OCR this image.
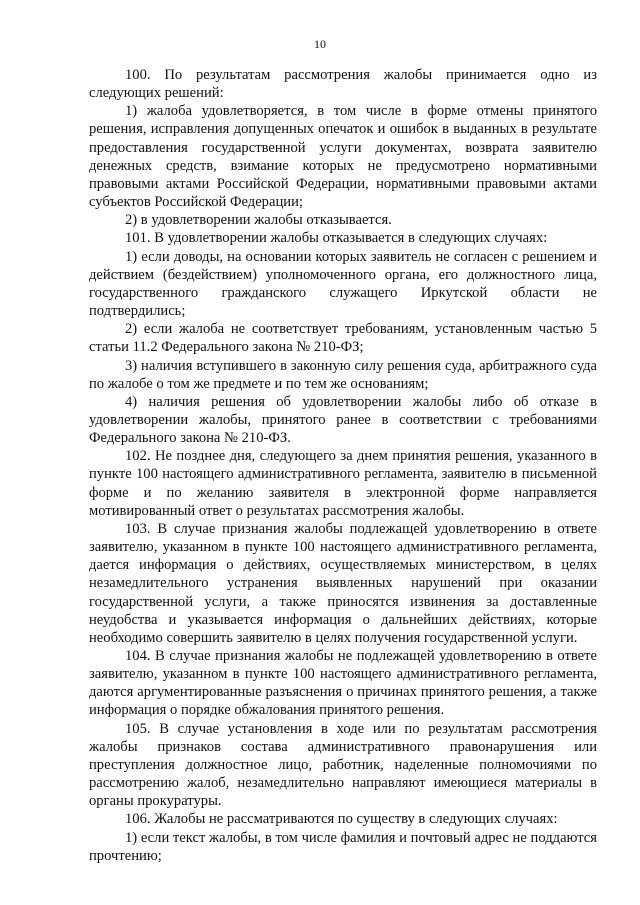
10

100. По результатам рассмотрения жалобы принимается одно из следующих решений:

1) жалоба удовлетворяется, в том числе в форме отмены принятого решения, исправления допущенных опечаток и ошибок в выданных в результате предоставления государственной услуги документах, возврата заявителю денежных средств, взимание которых не предусмотрено нормативными правовыми актами Российской Федерации, нормативными правовыми актами субъектов Российской Федерации;

2) в удовлетворении жалобы отказывается.

101. В удовлетворении жалобы отказывается в следующих случаях:

1) если доводы, на основании которых заявитель не согласен с решением и действием (бездействием) уполномоченного органа, его должностного лица, государственного гражданского служащего Иркутской области не подтвердились;

2) если жалоба не соответствует требованиям, установленным частью 5 статьи 11.2 Федерального закона № 210-ФЗ;

3) наличия вступившего в законную силу решения суда, арбитражного суда по жалобе о том же предмете и по тем же основаниям;

4) наличия решения об удовлетворении жалобы либо об отказе в удовлетворении жалобы, принятого ранее в соответствии с требованиями Федерального закона № 210-ФЗ.

102. Не позднее дня, следующего за днем принятия решения, указанного в пункте 100 настоящего административного регламента, заявителю в письменной форме и по желанию заявителя в электронной форме направляется мотивированный ответ о результатах рассмотрения жалобы.

103. В случае признания жалобы подлежащей удовлетворению в ответе заявителю, указанном в пункте 100 настоящего административного регламента, дается информация о действиях, осуществляемых министерством, в целях незамедлительного устранения выявленных нарушений при оказании государственной услуги, а также приносятся извинения за доставленные неудобства и указывается информация о дальнейших действиях, которые необходимо совершить заявителю в целях получения государственной услуги.

104. В случае признания жалобы не подлежащей удовлетворению в ответе заявителю, указанном в пункте 100 настоящего административного регламента, даются аргументированные разъяснения о причинах принятого решения, а также информация о порядке обжалования принятого решения.

105. В случае установления в ходе или по результатам рассмотрения жалобы признаков состава административного правонарушения или преступления должностное лицо, работник, наделенные полномочиями по рассмотрению жалоб, незамедлительно направляют имеющиеся материалы в органы прокуратуры.

106. Жалобы не рассматриваются по существу в следующих случаях:

1) если текст жалобы, в том числе фамилия и почтовый адрес не поддаются прочтению;
